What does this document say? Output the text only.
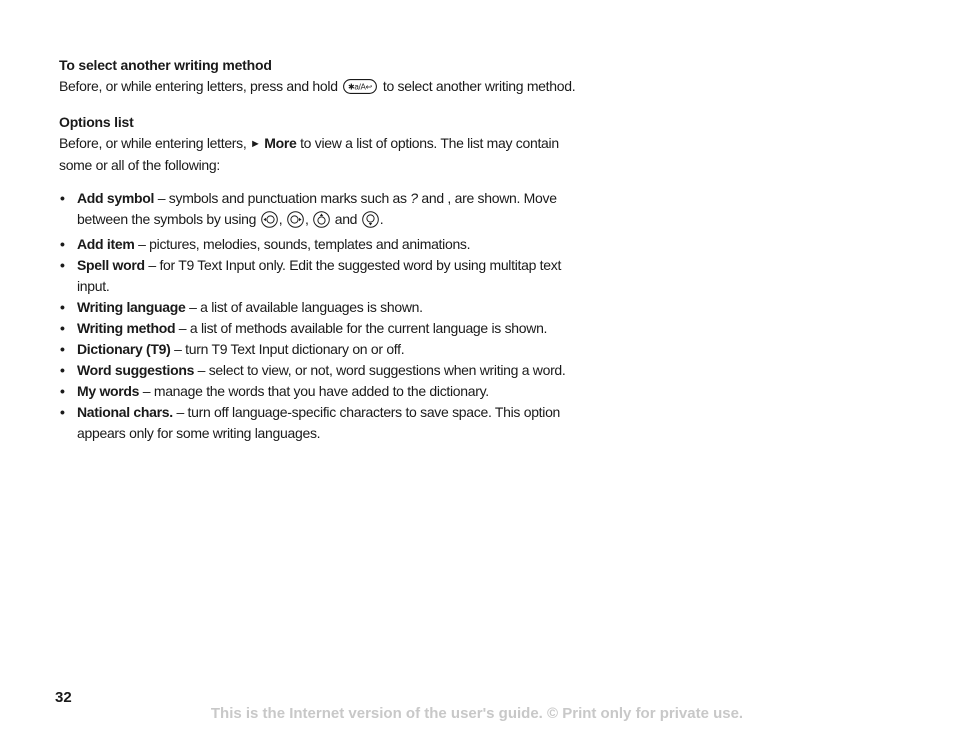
To select another writing method

Before, or while entering letters, press and hold ✱a/A↩ to select another writing method.

Options list

Before, or while entering letters, ► More to view a list of options. The list may contain some or all of the following:

• Add symbol – symbols and punctuation marks such as ? and , are shown. Move between the symbols by using , ,  and .
• Add item – pictures, melodies, sounds, templates and animations.
• Spell word – for T9 Text Input only. Edit the suggested word by using multitap text input.
• Writing language – a list of available languages is shown.
• Writing method – a list of methods available for the current language is shown.
• Dictionary (T9) – turn T9 Text Input dictionary on or off.
• Word suggestions – select to view, or not, word suggestions when writing a word.
• My words – manage the words that you have added to the dictionary.
• National chars. – turn off language-specific characters to save space. This option appears only for some writing languages.
32
This is the Internet version of the user's guide. © Print only for private use.
